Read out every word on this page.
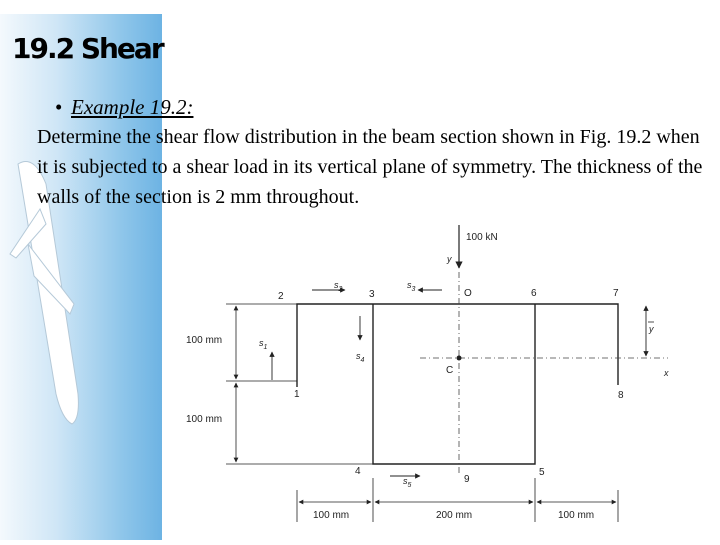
19.2 Shear
• Example 19.2:

Determine the shear flow distribution in the beam section shown in Fig. 19.2 when it is subjected to a shear load in its vertical plane of symmetry. The thickness of the walls of the section is 2 mm throughout.

100 kN
y
x
C
O
1
2	3
4	5
6	7
8
9
$s_2$	$s_3$
$s_1$
$s_4$
$s_5$
y
100 mm
100 mm
100 mm	200 mm	100 mm
